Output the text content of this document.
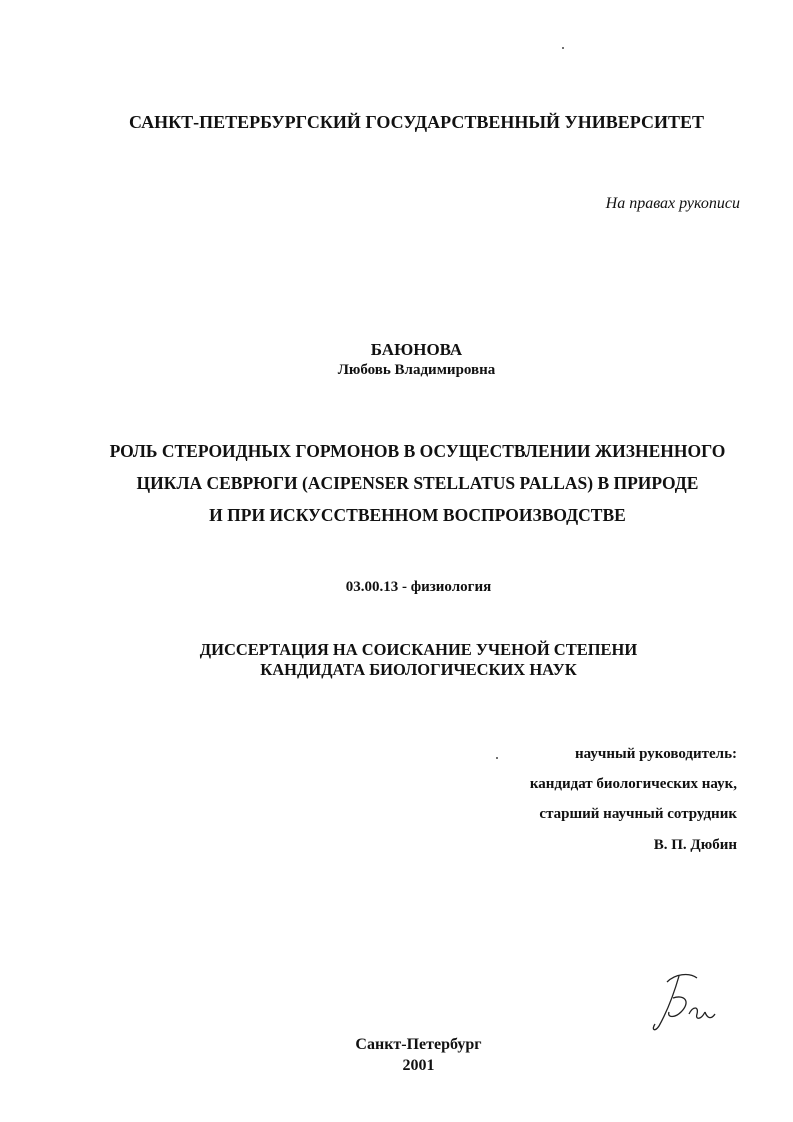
САНКТ-ПЕТЕРБУРГСКИЙ ГОСУДАРСТВЕННЫЙ УНИВЕРСИТЕТ
На правах рукописи
БАЮНОВА
Любовь Владимировна
РОЛЬ СТЕРОИДНЫХ ГОРМОНОВ В ОСУЩЕСТВЛЕНИИ ЖИЗНЕННОГО
ЦИКЛА СЕВРЮГИ (ACIPENSER STELLATUS PALLAS) В ПРИРОДЕ
И ПРИ ИСКУССТВЕННОМ ВОСПРОИЗВОДСТВЕ
03.00.13 - физиология
ДИССЕРТАЦИЯ НА СОИСКАНИЕ УЧЕНОЙ СТЕПЕНИ
КАНДИДАТА БИОЛОГИЧЕСКИХ НАУК
научный руководитель:
кандидат биологических наук,
старший научный сотрудник
В. П. Дюбин
Санкт-Петербург
2001
